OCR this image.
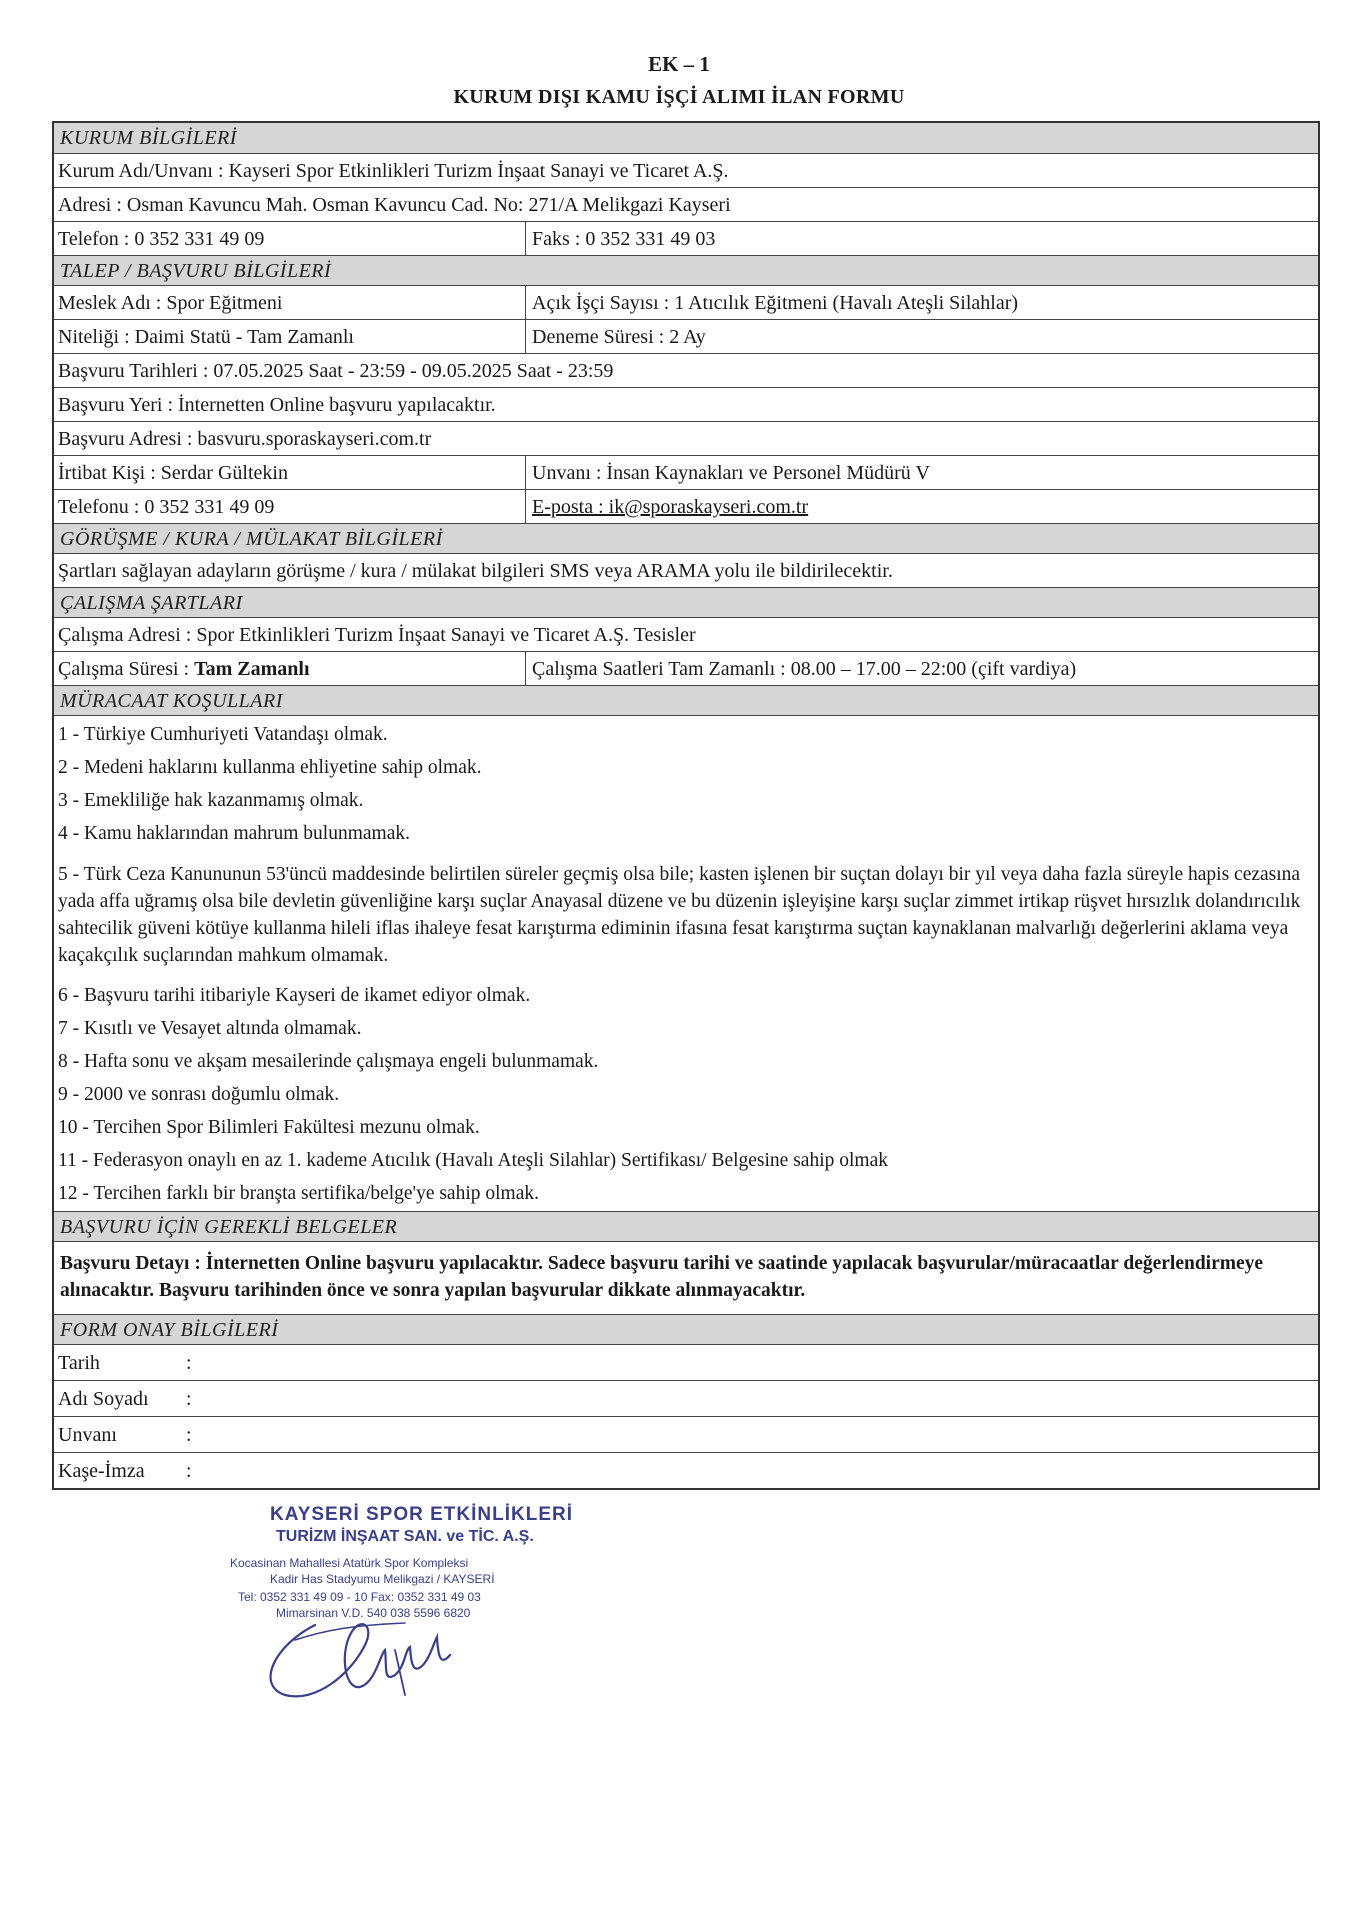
EK – 1
KURUM DIŞI KAMU İŞÇİ ALIMI İLAN FORMU
KURUM BİLGİLERİ
Kurum Adı/Unvanı : Kayseri Spor Etkinlikleri Turizm İnşaat Sanayi ve Ticaret A.Ş.
Adresi : Osman Kavuncu Mah. Osman Kavuncu Cad. No: 271/A Melikgazi Kayseri
Telefon : 0 352 331 49 09	Faks : 0 352 331 49 03
TALEP / BAŞVURU BİLGİLERİ
Meslek Adı : Spor Eğitmeni	Açık İşçi Sayısı : 1 Atıcılık Eğitmeni (Havalı Ateşli Silahlar)
Niteliği : Daimi Statü - Tam Zamanlı	Deneme Süresi : 2 Ay
Başvuru Tarihleri : 07.05.2025 Saat - 23:59 - 09.05.2025 Saat - 23:59
Başvuru Yeri : İnternetten Online başvuru yapılacaktır.
Başvuru Adresi : basvuru.sporaskayseri.com.tr
İrtibat Kişi : Serdar Gültekin	Unvanı : İnsan Kaynakları ve Personel Müdürü V
Telefonu : 0 352 331 49 09	E-posta : ik@sporaskayseri.com.tr
GÖRÜŞME / KURA / MÜLAKAT BİLGİLERİ
Şartları sağlayan adayların görüşme / kura / mülakat bilgileri SMS veya ARAMA yolu ile bildirilecektir.
ÇALIŞMA ŞARTLARI
Çalışma Adresi : Spor Etkinlikleri Turizm İnşaat Sanayi ve Ticaret A.Ş. Tesisler
Çalışma Süresi : Tam Zamanlı	Çalışma Saatleri Tam Zamanlı : 08.00 – 17.00 – 22:00 (çift vardiya)
MÜRACAAT KOŞULLARI

1 - Türkiye Cumhuriyeti Vatandaşı olmak.

2 - Medeni haklarını kullanma ehliyetine sahip olmak.

3 - Emekliliğe hak kazanmamış olmak.

4 - Kamu haklarından mahrum bulunmamak.

5 - Türk Ceza Kanununun 53'üncü maddesinde belirtilen süreler geçmiş olsa bile; kasten işlenen bir suçtan dolayı bir yıl veya daha fazla süreyle hapis cezasına yada affa uğramış olsa bile devletin güvenliğine karşı suçlar Anayasal düzene ve bu düzenin işleyişine karşı suçlar zimmet irtikap rüşvet hırsızlık dolandırıcılık sahtecilik güveni kötüye kullanma hileli iflas ihaleye fesat karıştırma ediminin ifasına fesat karıştırma suçtan kaynaklanan malvarlığı değerlerini aklama veya kaçakçılık suçlarından mahkum olmamak.

6 - Başvuru tarihi itibariyle Kayseri de ikamet ediyor olmak.

7 - Kısıtlı ve Vesayet altında olmamak.

8 - Hafta sonu ve akşam mesailerinde çalışmaya engeli bulunmamak.

9 - 2000 ve sonrası doğumlu olmak.

10 - Tercihen Spor Bilimleri Fakültesi mezunu olmak.

11 - Federasyon onaylı en az 1. kademe Atıcılık (Havalı Ateşli Silahlar) Sertifikası/ Belgesine sahip olmak

12 - Tercihen farklı bir branşta sertifika/belge'ye sahip olmak.

BAŞVURU İÇİN GEREKLİ BELGELER
Başvuru Detayı : İnternetten Online başvuru yapılacaktır. Sadece başvuru tarihi ve saatinde yapılacak başvurular/müracaatlar değerlendirmeye alınacaktır. Başvuru tarihinden önce ve sonra yapılan başvurular dikkate alınmayacaktır.
FORM ONAY BİLGİLERİ
Tarih	:
Adı Soyadı	:
Unvanı	:
Kaşe-İmza	:
KAYSERİ SPOR ETKİNLİKLERİ
TURİZM İNŞAAT SAN. ve TİC. A.Ş.
Kocasinan Mahallesi Atatürk Spor Kompleksi
Kadir Has Stadyumu Melikgazi / KAYSERİ
Tel: 0352 331 49 09 - 10 Fax: 0352 331 49 03
Mimarsinan V.D. 540 038 5596 6820
